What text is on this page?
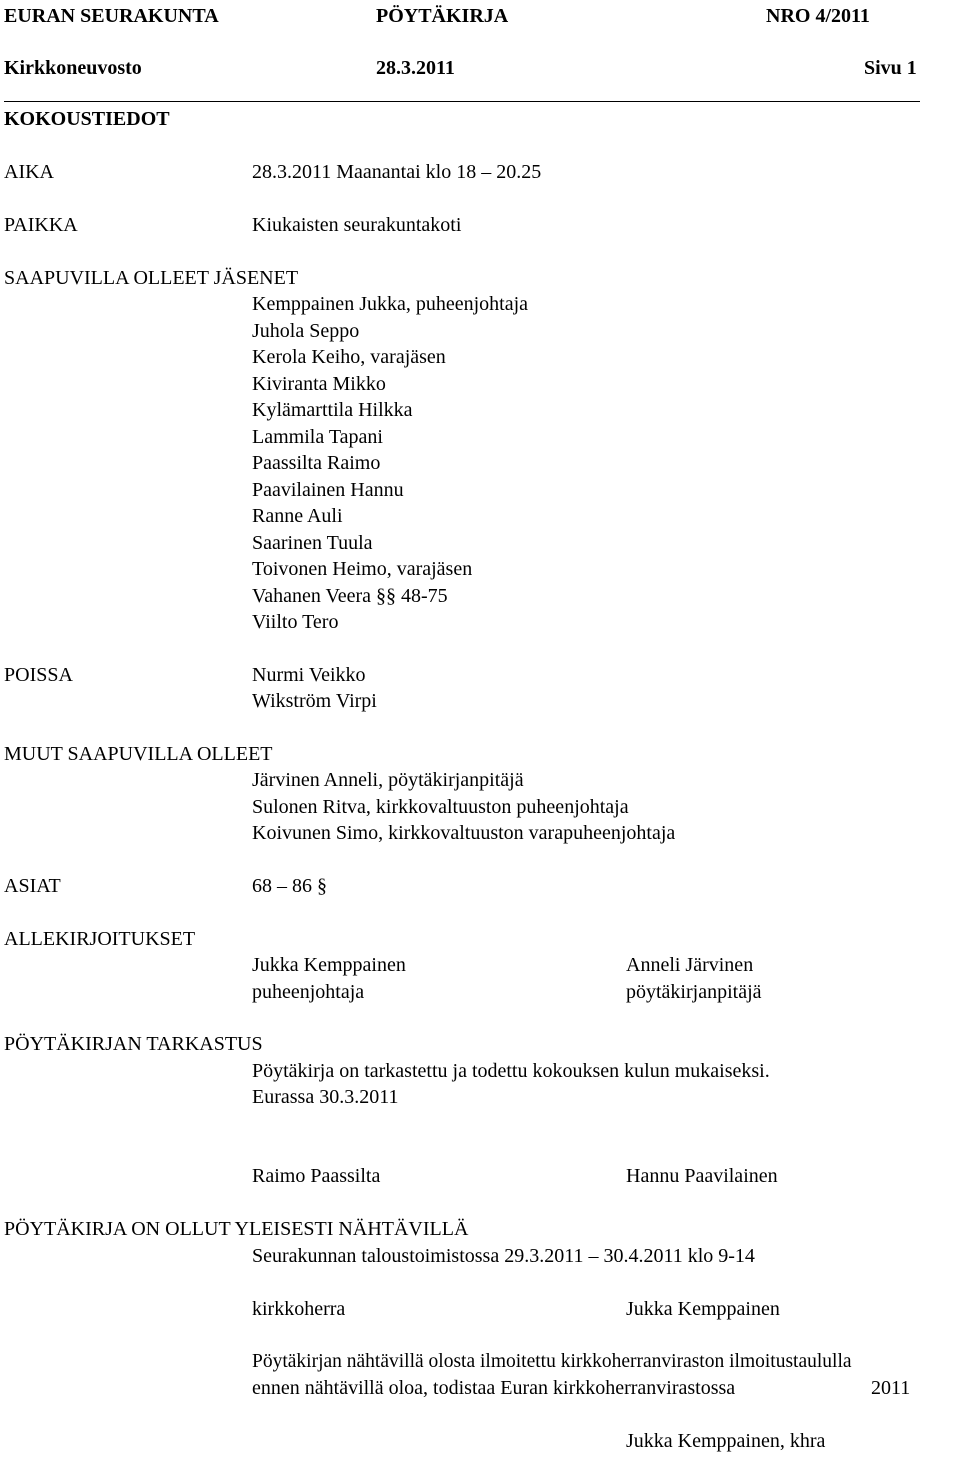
EURAN SEURAKUNTA	PÖYTÄKIRJA	NRO 4/2011
Kirkkoneuvosto	28.3.2011	Sivu 1
KOKOUSTIEDOT
AIKA	28.3.2011 Maanantai klo 18 – 20.25
PAIKKA	Kiukaisten seurakuntakoti
SAAPUVILLA OLLEET JÄSENET
Kemppainen Jukka, puheenjohtaja
Juhola Seppo
Kerola Keiho, varajäsen
Kiviranta Mikko
Kylämarttila Hilkka
Lammila Tapani
Paassilta Raimo
Paavilainen Hannu
Ranne Auli
Saarinen Tuula
Toivonen Heimo, varajäsen
Vahanen Veera §§ 48-75
Viilto Tero
POISSA	Nurmi Veikko
Wikström Virpi
MUUT SAAPUVILLA OLLEET
Järvinen Anneli, pöytäkirjanpitäjä
Sulonen Ritva, kirkkovaltuuston puheenjohtaja
Koivunen Simo, kirkkovaltuuston varapuheenjohtaja
ASIAT	68 – 86 §
ALLEKIRJOITUKSET
Jukka Kemppainen	Anneli Järvinen
puheenjohtaja	pöytäkirjanpitäjä
PÖYTÄKIRJAN TARKASTUS
Pöytäkirja on tarkastettu ja todettu kokouksen kulun mukaiseksi.
Eurassa 30.3.2011
Raimo Paassilta	Hannu Paavilainen
PÖYTÄKIRJA ON OLLUT YLEISESTI NÄHTÄVILLÄ
Seurakunnan taloustoimistossa 29.3.2011 – 30.4.2011 klo 9-14
kirkkoherra	Jukka Kemppainen
Pöytäkirjan nähtävillä olosta ilmoitettu kirkkoherranviraston ilmoitustaululla
ennen nähtävillä oloa, todistaa Euran kirkkoherranvirastossa	2011
Jukka Kemppainen, khra
